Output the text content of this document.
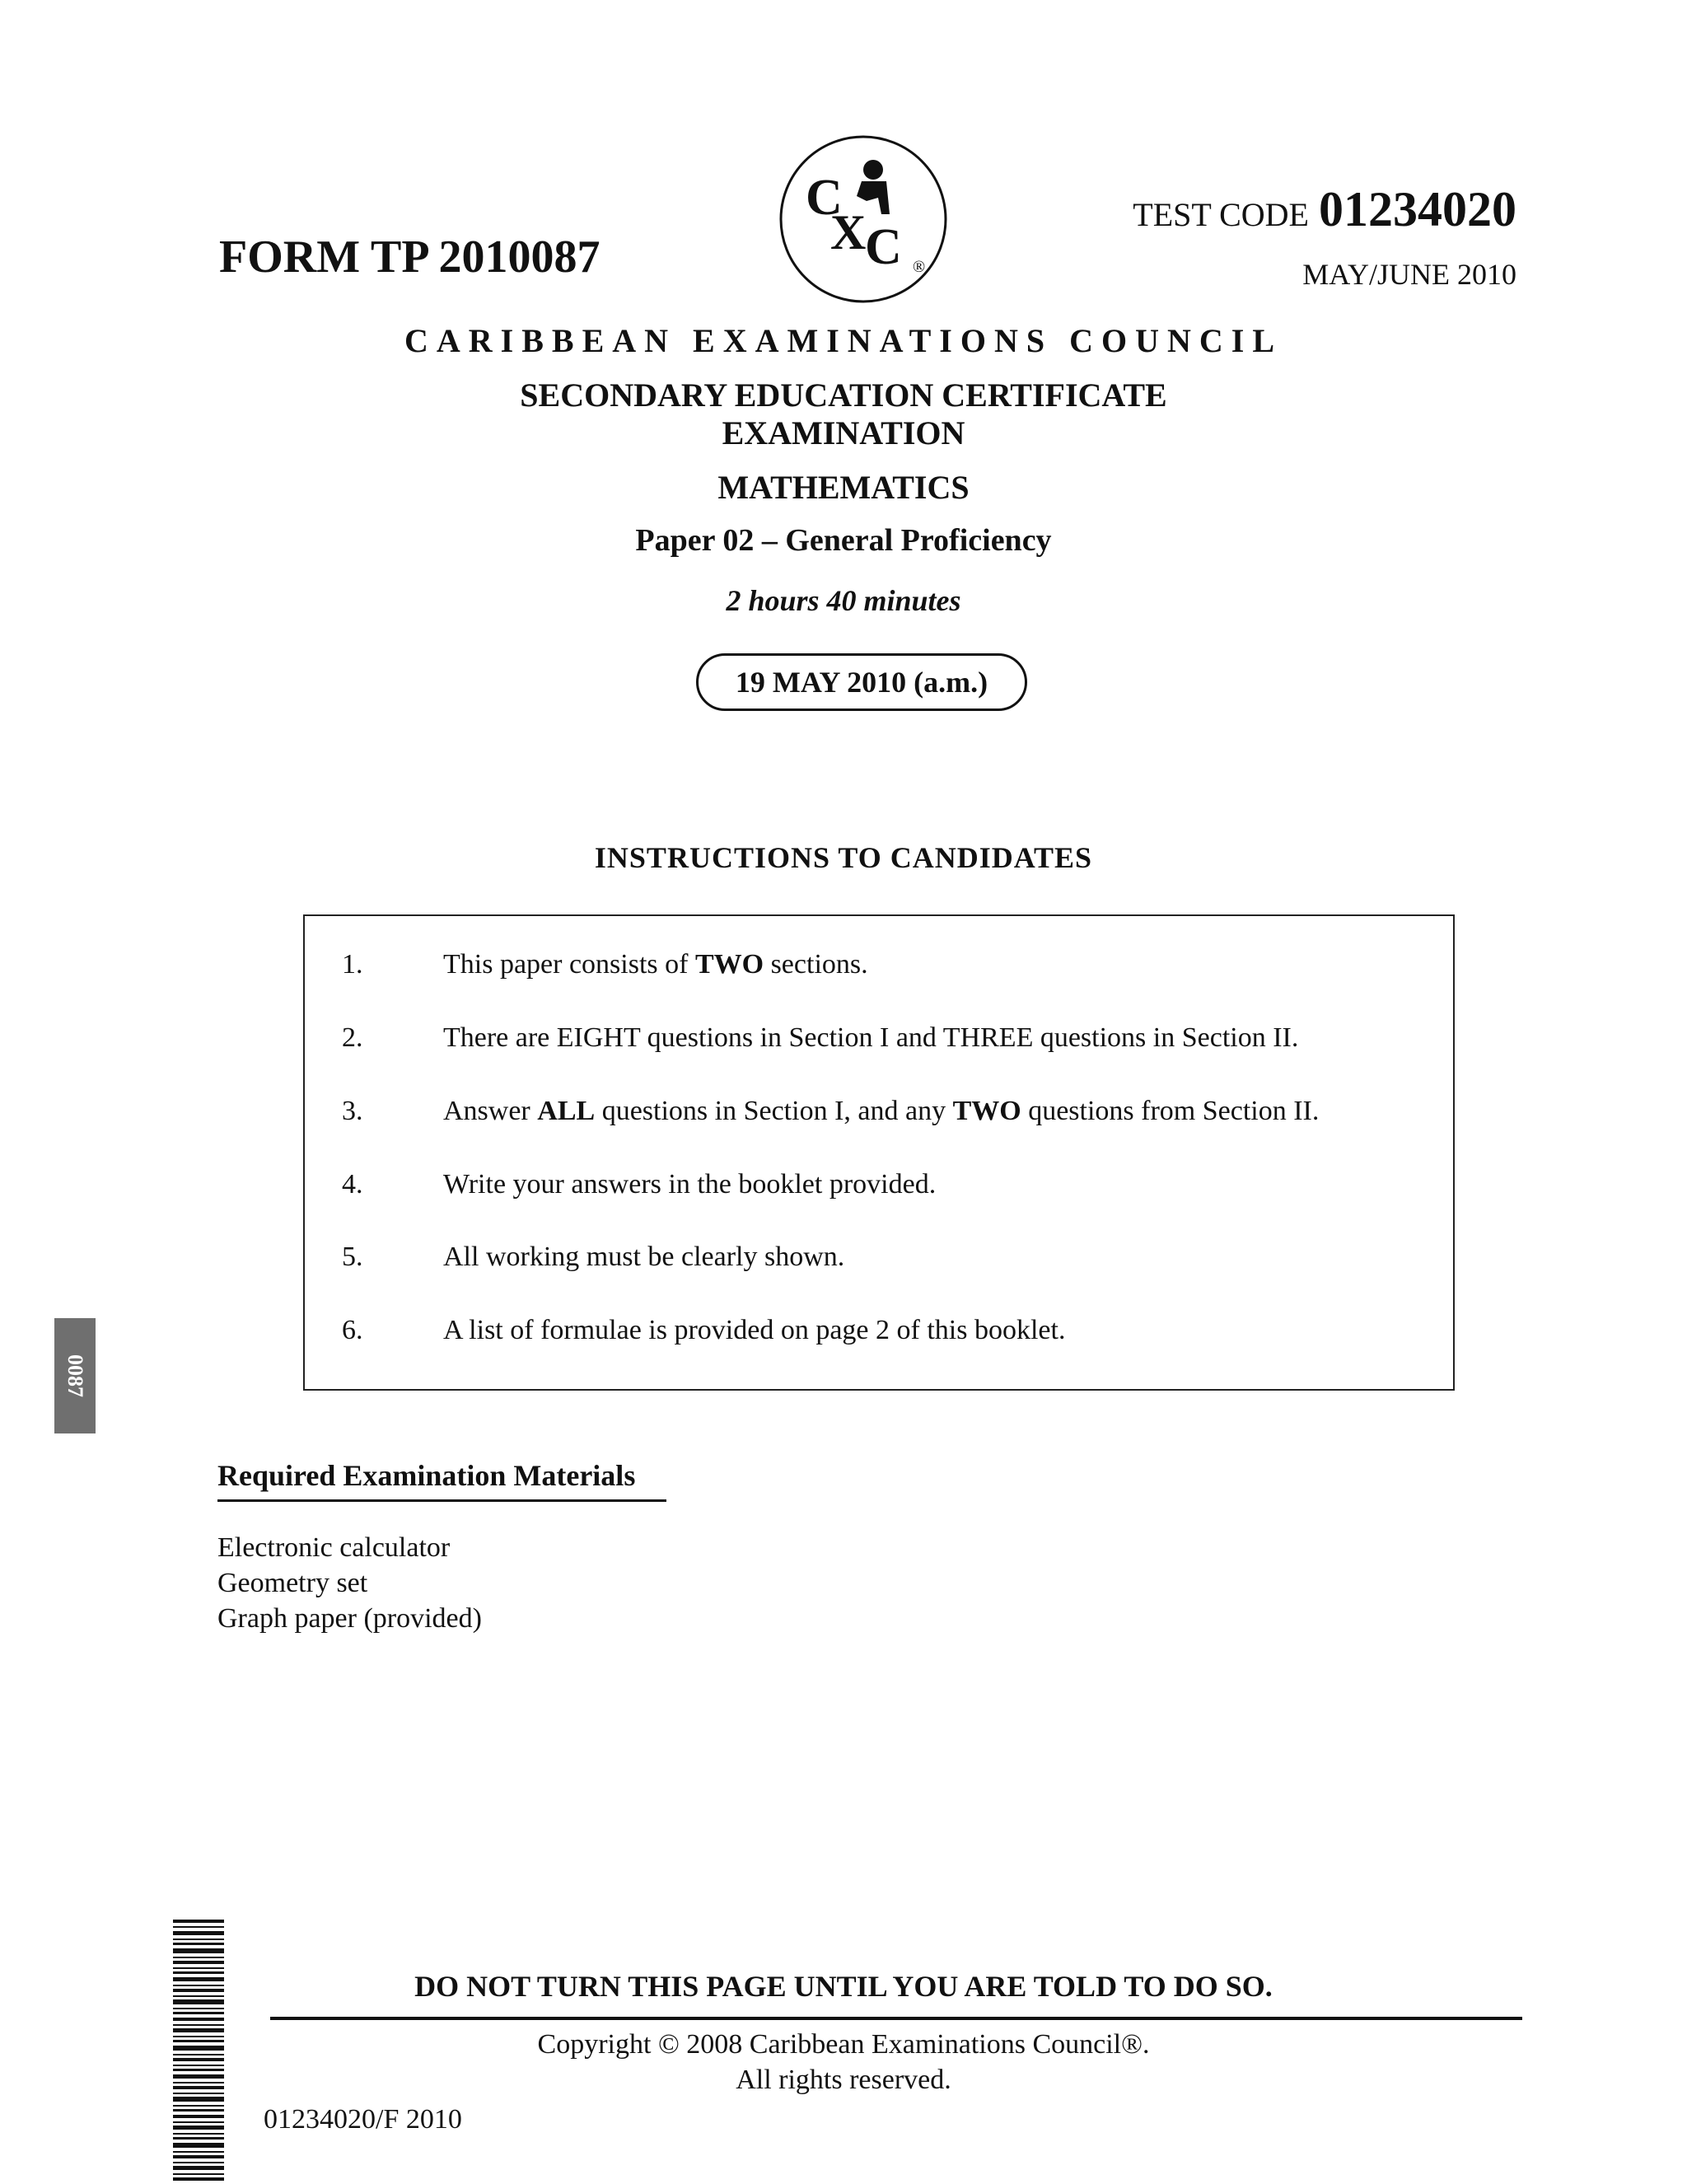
FORM TP 2010087
C
X
C ®
TEST CODE 01234020
MAY/JUNE 2010
CARIBBEAN EXAMINATIONS COUNCIL
SECONDARY EDUCATION CERTIFICATE
EXAMINATION
MATHEMATICS
Paper 02 – General Proficiency
2 hours 40 minutes
19 MAY 2010 (a.m.)
INSTRUCTIONS TO CANDIDATES
1.	This paper consists of TWO sections.
2.	There are EIGHT questions in Section I and THREE questions in Section II.
3.	Answer ALL questions in Section I, and any TWO questions from Section II.
4.	Write your answers in the booklet provided.
5.	All working must be clearly shown.
6.	A list of formulae is provided on page 2 of this booklet.
0087
Required Examination Materials
Electronic calculator
Geometry set
Graph paper (provided)
DO NOT TURN THIS PAGE UNTIL YOU ARE TOLD TO DO SO.
Copyright © 2008 Caribbean Examinations Council®.
All rights reserved.
01234020/F 2010
